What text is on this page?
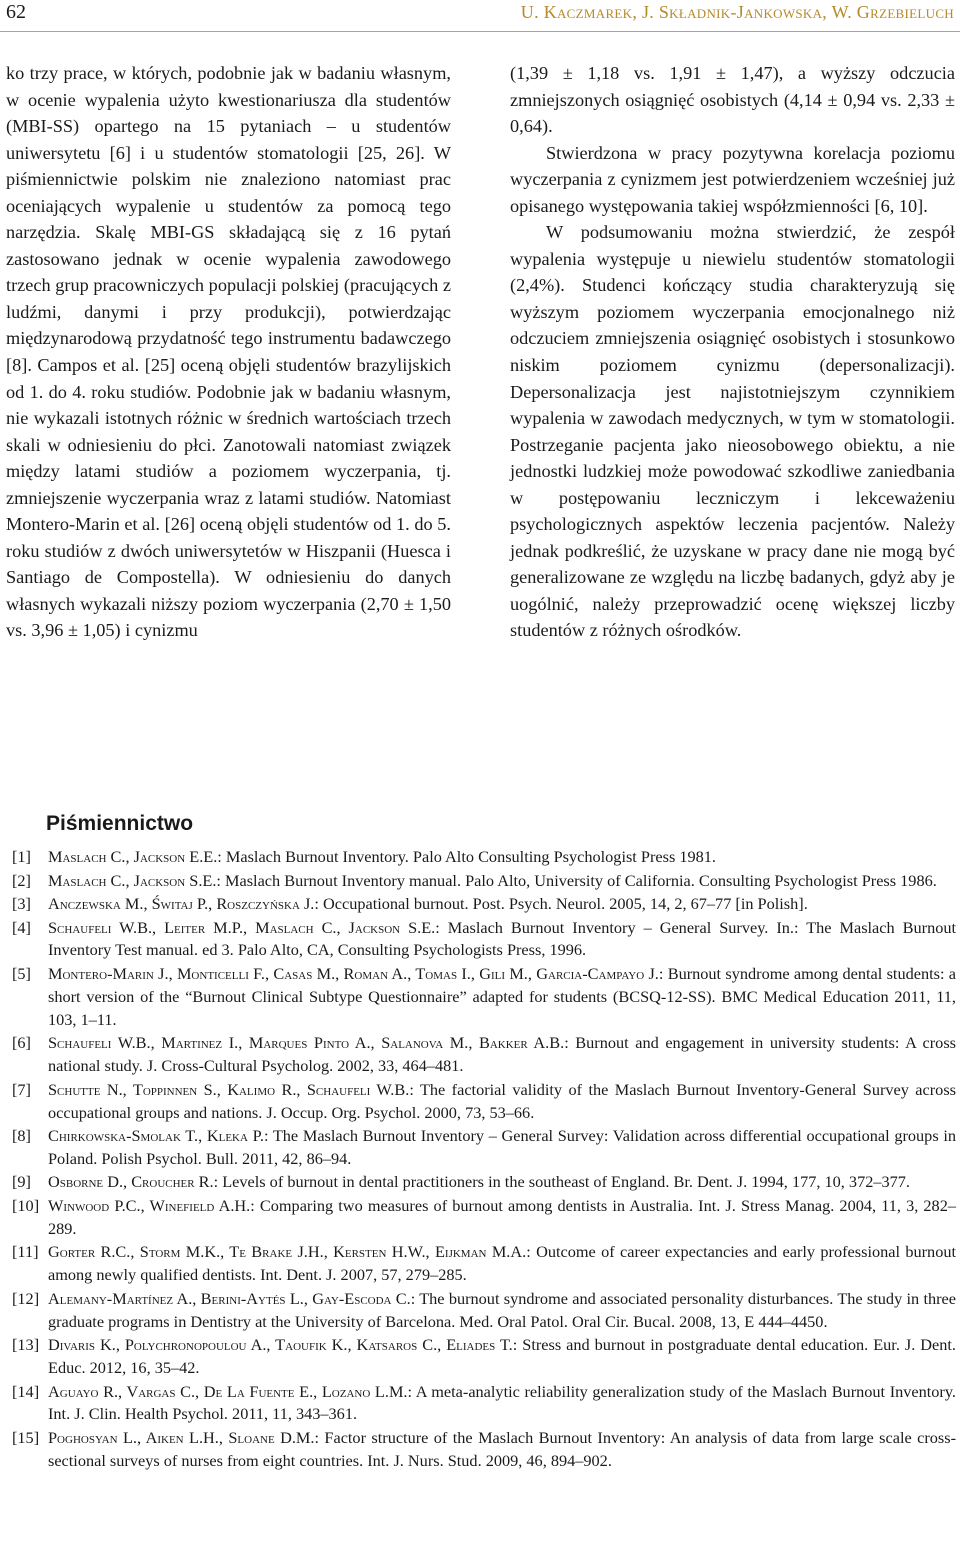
62	U. Kaczmarek, J. Składnik-Jankowska, W. Grzebieluch

ko trzy prace, w których, podobnie jak w badaniu własnym, w ocenie wypalenia użyto kwestionariusza dla studentów (MBI-SS) opartego na 15 pytaniach – u studentów uniwersytetu [6] i u studentów stomatologii [25, 26]. W piśmiennictwie polskim nie znaleziono natomiast prac oceniających wypalenie u studentów za pomocą tego narzędzia. Skalę MBI-GS składającą się z 16 pytań zastosowano jednak w ocenie wypalenia zawodowego trzech grup pracowniczych populacji polskiej (pracujących z ludźmi, danymi i przy produkcji), potwierdzając międzynarodową przydatność tego instrumentu badawczego [8]. Campos et al. [25] oceną objęli studentów brazylijskich od 1. do 4. roku studiów. Podobnie jak w badaniu własnym, nie wykazali istotnych różnic w średnich wartościach trzech skali w odniesieniu do płci. Zanotowali natomiast związek między latami studiów a poziomem wyczerpania, tj. zmniejszenie wyczerpania wraz z latami studiów. Natomiast Montero-Marin et al. [26] oceną objęli studentów od 1. do 5. roku studiów z dwóch uniwersytetów w Hiszpanii (Huesca i Santiago de Compostella). W odniesieniu do danych własnych wykazali niższy poziom wyczerpania (2,70 ± 1,50 vs. 3,96 ± 1,05) i cynizmu

(1,39 ± 1,18 vs. 1,91 ± 1,47), a wyższy odczucia zmniejszonych osiągnięć osobistych (4,14 ± 0,94 vs. 2,33 ± 0,64).

Stwierdzona w pracy pozytywna korelacja poziomu wyczerpania z cynizmem jest potwierdzeniem wcześniej już opisanego występowania takiej współzmienności [6, 10].

W podsumowaniu można stwierdzić, że zespół wypalenia występuje u niewielu studentów stomatologii (2,4%). Studenci kończący studia charakteryzują się wyższym poziomem wyczerpania emocjonalnego niż odczuciem zmniejszenia osiągnięć osobistych i stosunkowo niskim poziomem cynizmu (depersonalizacji). Depersonalizacja jest najistotniejszym czynnikiem wypalenia w zawodach medycznych, w tym w stomatologii. Postrzeganie pacjenta jako nieosobowego obiektu, a nie jednostki ludzkiej może powodować szkodliwe zaniedbania w postępowaniu leczniczym i lekceważeniu psychologicznych aspektów leczenia pacjentów. Należy jednak podkreślić, że uzyskane w pracy dane nie mogą być generalizowane ze względu na liczbę badanych, gdyż aby je uogólnić, należy przeprowadzić ocenę większej liczby studentów z różnych ośrodków.

Piśmiennictwo
[1]	Maslach C., Jackson E.E.: Maslach Burnout Inventory. Palo Alto Consulting Psychologist Press 1981.
[2]	Maslach C., Jackson S.E.: Maslach Burnout Inventory manual. Palo Alto, University of California. Consulting Psychologist Press 1986.
[3]	Anczewska M., Świtaj P., Roszczyńska J.: Occupational burnout. Post. Psych. Neurol. 2005, 14, 2, 67–77 [in Polish].
[4]	Schaufeli W.B., Leiter M.P., Maslach C., Jackson S.E.: Maslach Burnout Inventory – General Survey. In.: The Maslach Burnout Inventory Test manual. ed 3. Palo Alto, CA, Consulting Psychologists Press, 1996.
[5]	Montero-Marin J., Monticelli F., Casas M., Roman A., Tomas I., Gili M., Garcia-Campayo J.: Burnout syndrome among dental students: a short version of the “Burnout Clinical Subtype Questionnaire” adapted for students (BCSQ-12-SS). BMC Medical Education 2011, 11, 103, 1–11.
[6]	Schaufeli W.B., Martinez I., Marques Pinto A., Salanova M., Bakker A.B.: Burnout and engagement in university students: A cross national study. J. Cross-Cultural Psycholog. 2002, 33, 464–481.
[7]	Schutte N., Toppinnen S., Kalimo R., Schaufeli W.B.: The factorial validity of the Maslach Burnout Inventory-General Survey across occupational groups and nations. J. Occup. Org. Psychol. 2000, 73, 53–66.
[8]	Chirkowska-Smolak T., Kleka P.: The Maslach Burnout Inventory – General Survey: Validation across differential occupational groups in Poland. Polish Psychol. Bull. 2011, 42, 86–94.
[9]	Osborne D., Croucher R.: Levels of burnout in dental practitioners in the southeast of England. Br. Dent. J. 1994, 177, 10, 372–377.
[10] Winwood P.C., Winefield A.H.: Comparing two measures of burnout among dentists in Australia. Int. J. Stress Manag. 2004, 11, 3, 282–289.
[11] Gorter R.C., Storm M.K., Te Brake J.H., Kersten H.W., Eijkman M.A.: Outcome of career expectancies and early professional burnout among newly qualified dentists. Int. Dent. J. 2007, 57, 279–285.
[12] Alemany-Martínez A., Berini-Aytés L., Gay-Escoda C.: The burnout syndrome and associated personality disturbances. The study in three graduate programs in Dentistry at the University of Barcelona. Med. Oral Patol. Oral Cir. Bucal. 2008, 13, E 444–4450.
[13] Divaris K., Polychronopoulou A., Taoufik K., Katsaros C., Eliades T.: Stress and burnout in postgraduate dental education. Eur. J. Dent. Educ. 2012, 16, 35–42.
[14] Aguayo R., Vargas C., De La Fuente E., Lozano L.M.: A meta-analytic reliability generalization study of the Maslach Burnout Inventory. Int. J. Clin. Health Psychol. 2011, 11, 343–361.
[15] Poghosyan L., Aiken L.H., Sloane D.M.: Factor structure of the Maslach Burnout Inventory: An analysis of data from large scale cross-sectional surveys of nurses from eight countries. Int. J. Nurs. Stud. 2009, 46, 894–902.
